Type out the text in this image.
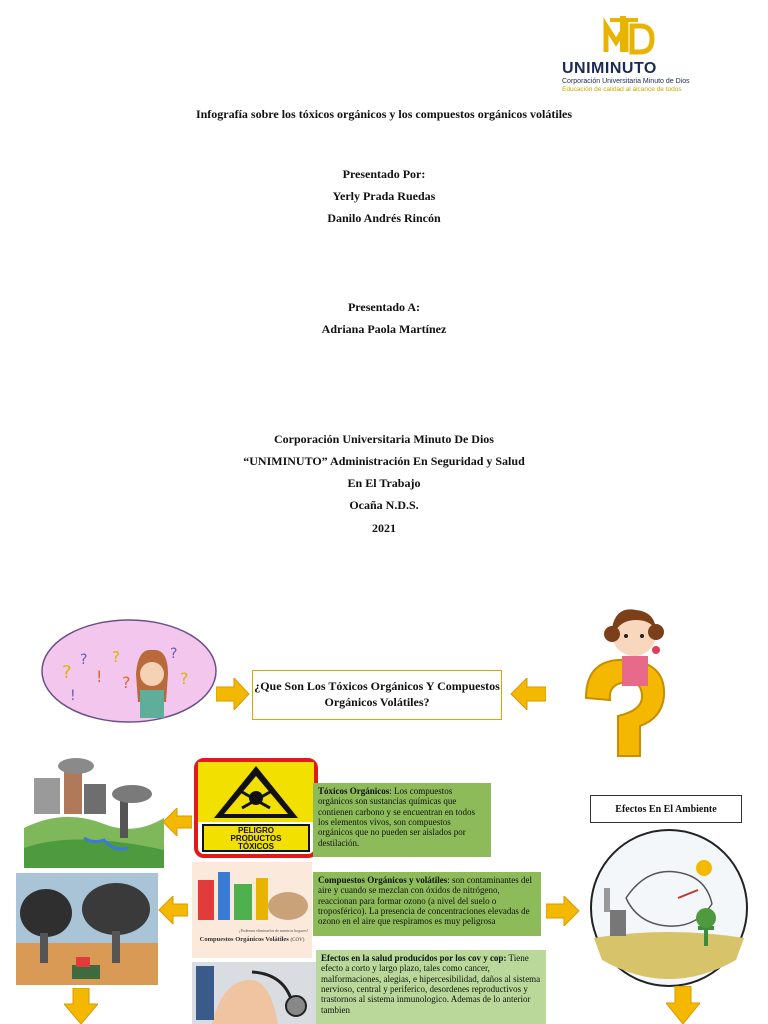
UNIMINUTO
Corporación Universitaria Minuto de Dios
Educación de calidad al alcance de todos
Infografía sobre los tóxicos orgánicos y los compuestos orgánicos volátiles
Presentado Por:
Yerly Prada Ruedas
Danilo Andrés Rincón
Presentado A:
Adriana Paola Martínez
Corporación Universitaria Minuto De Dios
“UNIMINUTO” Administración En Seguridad y Salud
En El Trabajo
Ocaña N.D.S.
2021
?
?
!
?
!
?
?
?	¿Que Son Los Tóxicos Orgánicos Y Compuestos Orgánicos Volátiles?
PELIGRO
PRODUCTOS
TÓXICOS
¡Podemos eliminarlos de nuestros hogares!
Compuestos Orgánicos Volátiles (COV)
Tóxicos Orgánicos: Los compuestos orgánicos son sustancias químicas que contienen carbono y se encuentran en todos los elementos vivos, son compuestos orgánicos que no pueden ser aislados por destilación.
Compuestos Orgánicos y volátiles: son contaminantes del aire y cuando se mezclan con óxidos de nitrógeno, reaccionan para formar ozono (a nivel del suelo o troposférico). La presencia de concentraciones elevadas de ozono en el aire que respiramos es muy peligrosa
Efectos en la salud producidos por los cov y cop: Tiene efecto a corto y largo plazo, tales como cancer, malformaciones, alegias, e hipercesibilidad, daños al sistema nervioso, central y periferico, desordenes reproductivos y trastornos al sistema inmunologico. Ademas de lo anterior tambien
Efectos En El Ambiente
